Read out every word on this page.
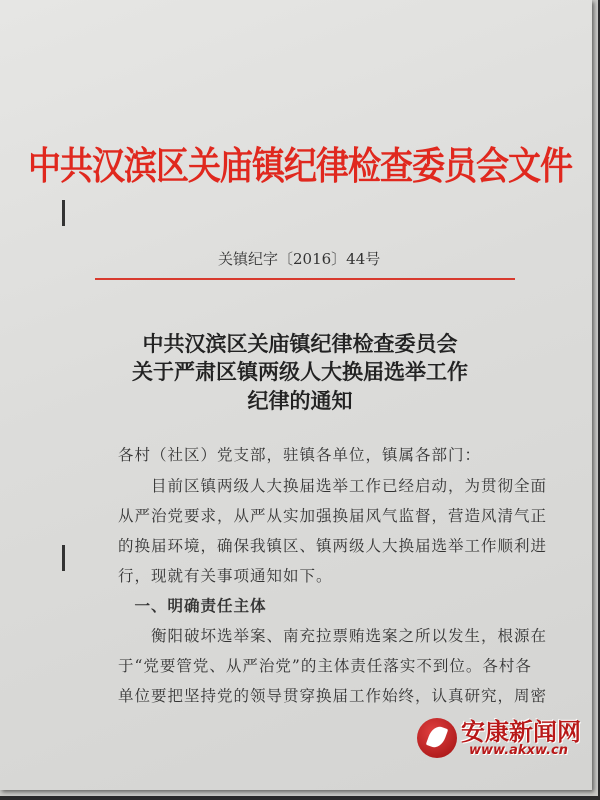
中共汉滨区关庙镇纪律检查委员会文件
关镇纪字〔2016〕44号
中共汉滨区关庙镇纪律检查委员会
关于严肃区镇两级人大换届选举工作
纪律的通知
各村（社区）党支部，驻镇各单位，镇属各部门：
　　目前区镇两级人大换届选举工作已经启动，为贯彻全面
从严治党要求，从严从实加强换届风气监督，营造风清气正
的换届环境，确保我镇区、镇两级人大换届选举工作顺利进
行，现就有关事项通知如下。
　一、明确责任主体
　　衡阳破坏选举案、南充拉票贿选案之所以发生，根源在
于“党要管党、从严治党”的主体责任落实不到位。各村各
单位要把坚持党的领导贯穿换届工作始终，认真研究，周密
安康新闻网
www.akxw.cn
